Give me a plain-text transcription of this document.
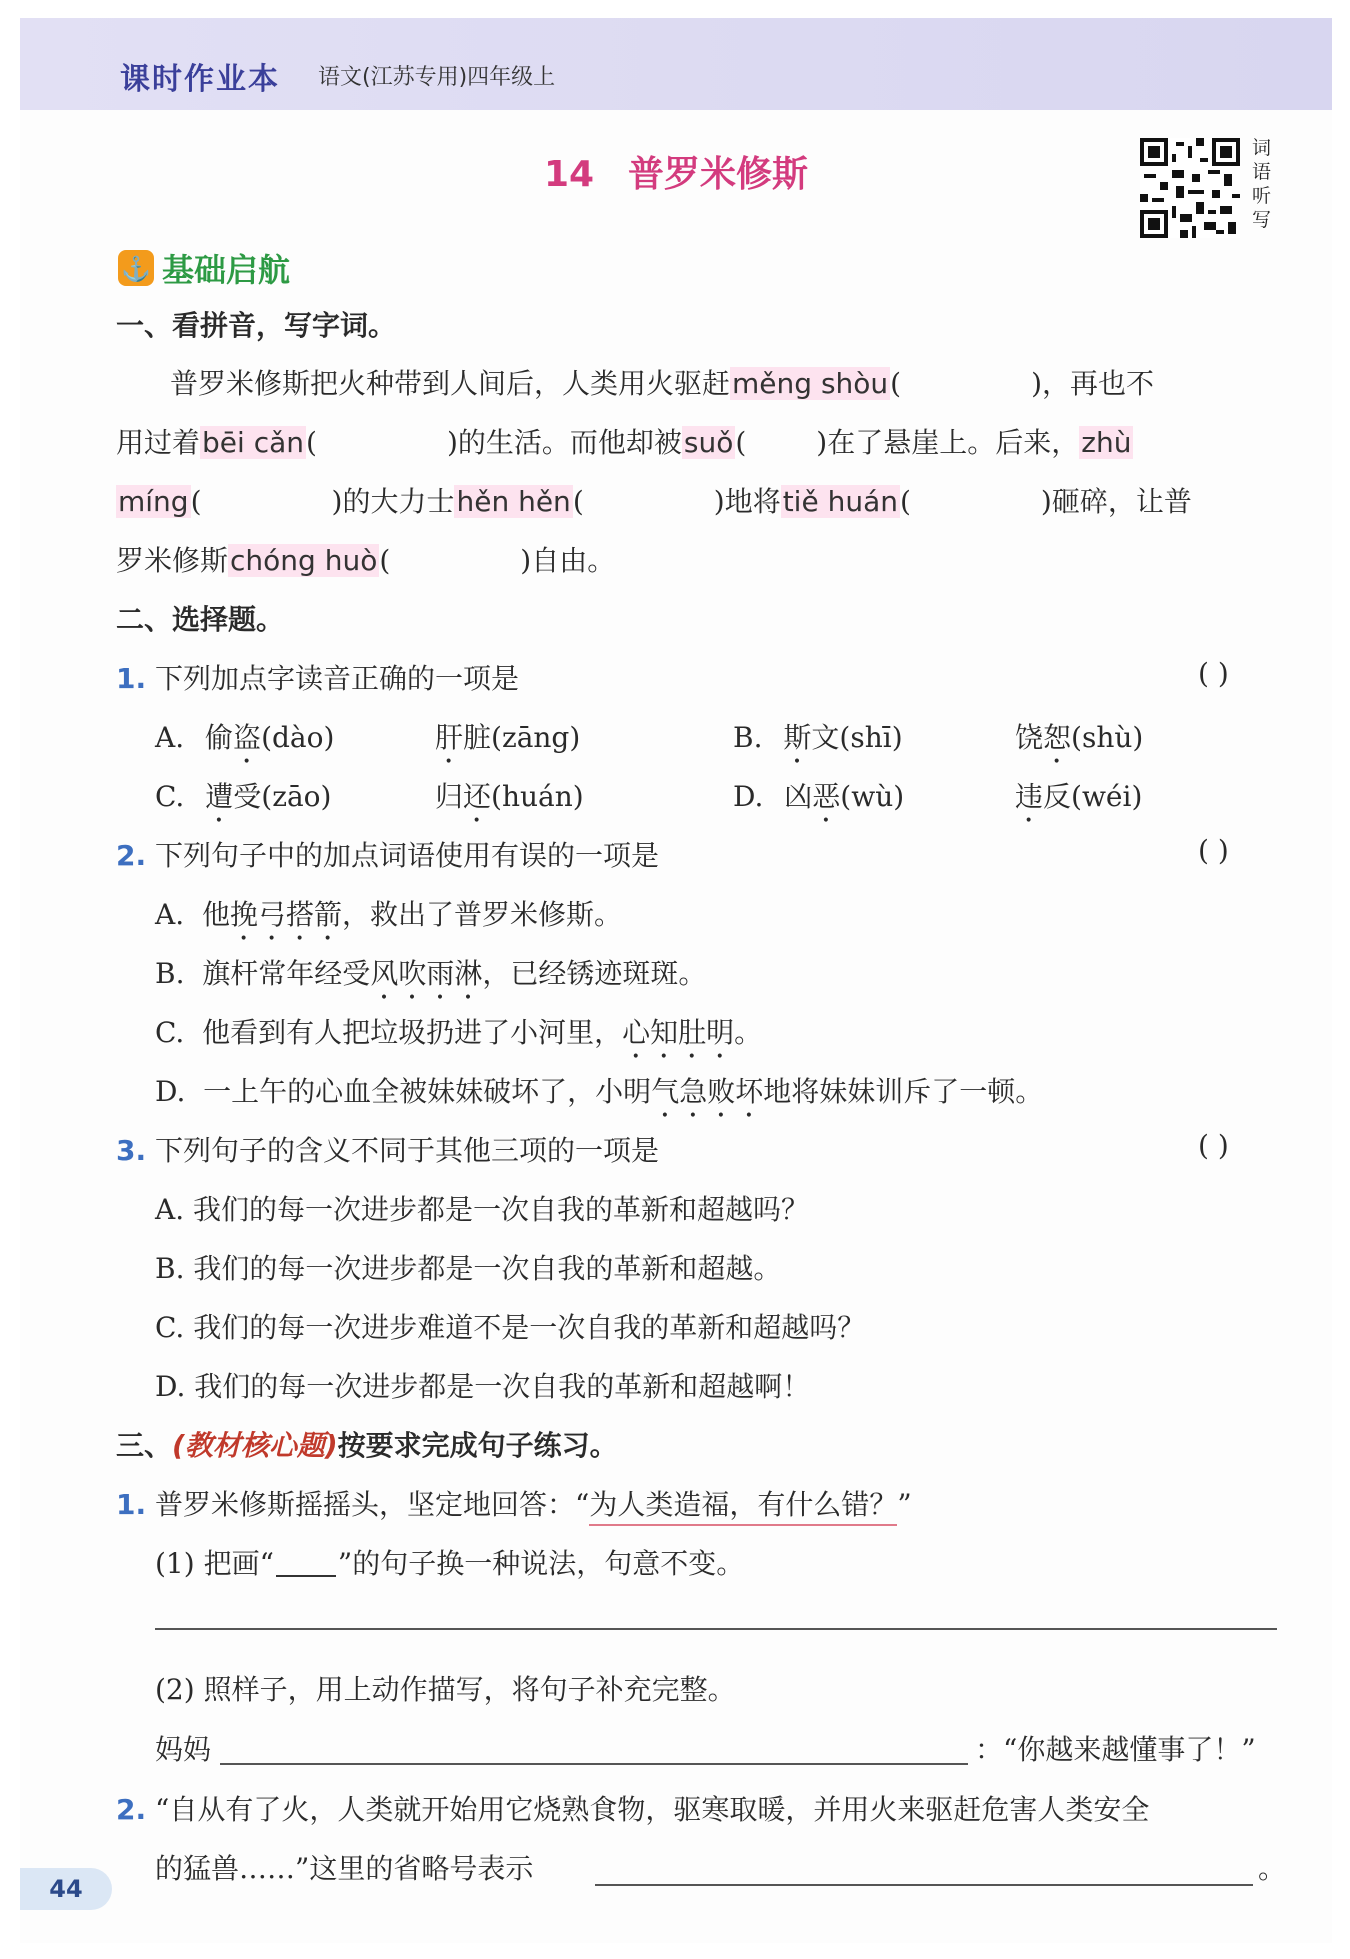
课时作业本 语文(江苏专用)四年级上
14 普罗米修斯
词语听写
⚓ 基础启航
一、看拼音，写字词。
普罗米修斯把火种带到人间后，人类用火驱赶měng shòu(	)，再也不
用过着bēi cǎn(	)的生活。而他却被suǒ(	)在了悬崖上。后来，zhù
míng(	)的大力士hěn hěn(	)地将tiě huán(	)砸碎，让普
罗米修斯chóng huò(	)自由。
二、选择题。
1. 下列加点字读音正确的一项是	( )
A. 偷盗(dào)	肝脏(zāng)	B. 斯文(shī)	饶恕(shù)
C. 遭受(zāo)	归还(huán)	D. 凶恶(wù)	违反(wéi)
2. 下列句子中的加点词语使用有误的一项是	( )
A. 他挽弓搭箭，救出了普罗米修斯。
B. 旗杆常年经受风吹雨淋，已经锈迹斑斑。
C. 他看到有人把垃圾扔进了小河里，心知肚明。
D. 一上午的心血全被妹妹破坏了，小明气急败坏地将妹妹训斥了一顿。
3. 下列句子的含义不同于其他三项的一项是	( )
A. 我们的每一次进步都是一次自我的革新和超越吗？
B. 我们的每一次进步都是一次自我的革新和超越。
C. 我们的每一次进步难道不是一次自我的革新和超越吗？
D. 我们的每一次进步都是一次自我的革新和超越啊！
三、(教材核心题)按要求完成句子练习。
1. 普罗米修斯摇摇头，坚定地回答：“为人类造福，有什么错？”
(1) 把画“ ”的句子换一种说法，句意不变。
(2) 照样子，用上动作描写，将句子补充完整。
妈妈	：“你越来越懂事了！”
2. “自从有了火，人类就开始用它烧熟食物，驱寒取暖，并用火来驱赶危害人类安全
的猛兽……”这里的省略号表示	。
44
